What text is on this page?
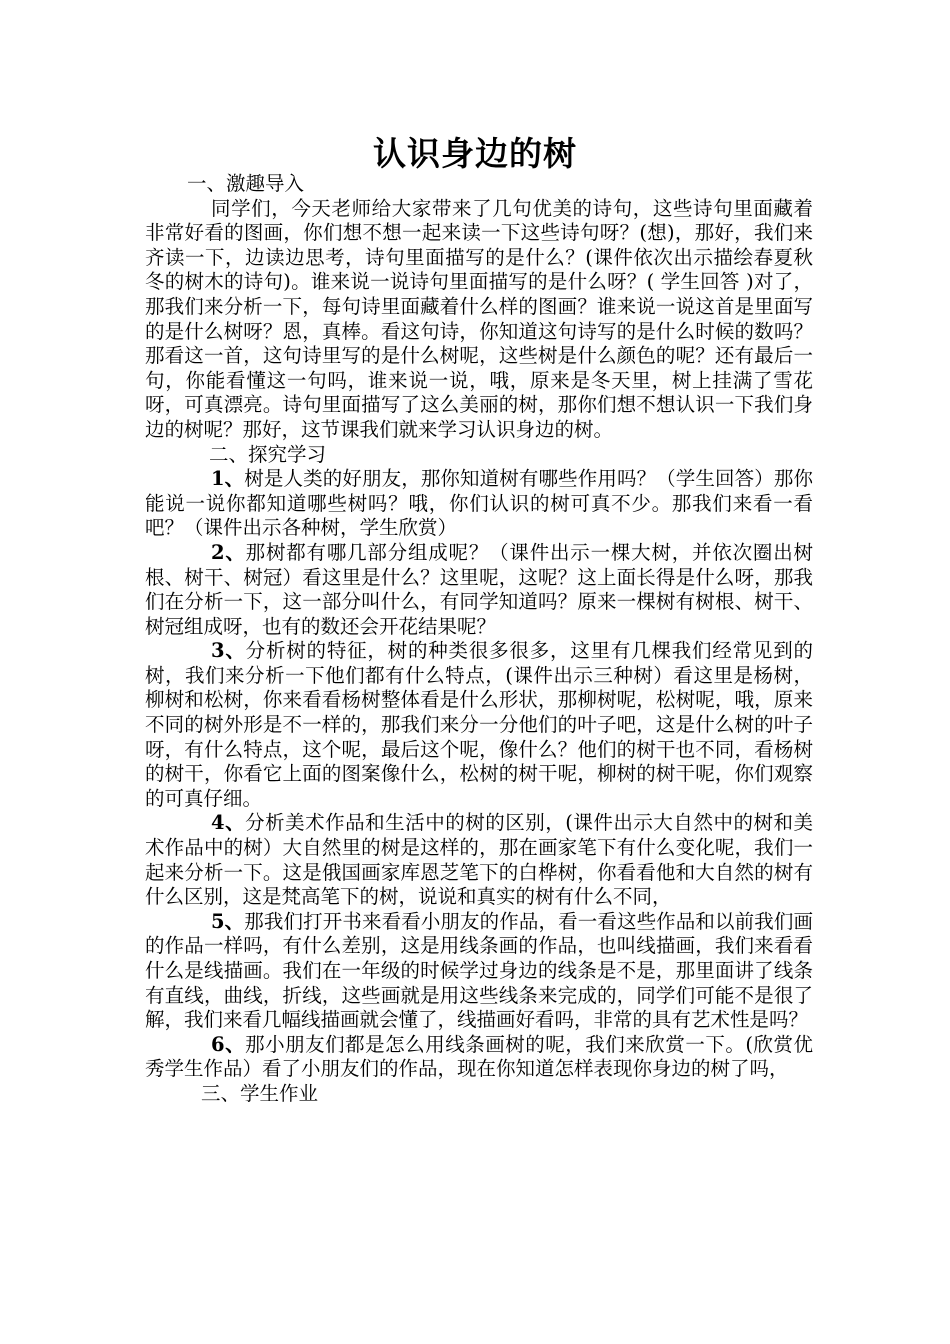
认识身边的树

一、激趣导入

同学们，今天老师给大家带来了几句优美的诗句，这些诗句里面藏着非常好看的图画，你们想不想一起来读一下这些诗句呀？(想)，那好，我们来齐读一下，边读边思考，诗句里面描写的是什么？(课件依次出示描绘春夏秋冬的树木的诗句)。谁来说一说诗句里面描写的是什么呀？( 学生回答 )对了，那我们来分析一下，每句诗里面藏着什么样的图画？谁来说一说这首是里面写的是什么树呀？恩，真棒。看这句诗，你知道这句诗写的是什么时候的数吗？那看这一首，这句诗里写的是什么树呢，这些树是什么颜色的呢？还有最后一句，你能看懂这一句吗，谁来说一说，哦，原来是冬天里，树上挂满了雪花呀，可真漂亮。诗句里面描写了这么美丽的树，那你们想不想认识一下我们身边的树呢？那好，这节课我们就来学习认识身边的树。

二、探究学习

1、树是人类的好朋友，那你知道树有哪些作用吗？（学生回答）那你能说一说你都知道哪些树吗？哦，你们认识的树可真不少。那我们来看一看吧？（课件出示各种树，学生欣赏）

2、那树都有哪几部分组成呢？（课件出示一棵大树，并依次圈出树根、树干、树冠）看这里是什么？这里呢，这呢？这上面长得是什么呀，那我们在分析一下，这一部分叫什么，有同学知道吗？原来一棵树有树根、树干、树冠组成呀，也有的数还会开花结果呢？

3、分析树的特征，树的种类很多很多，这里有几棵我们经常见到的树，我们来分析一下他们都有什么特点，(课件出示三种树）看这里是杨树，柳树和松树，你来看看杨树整体看是什么形状，那柳树呢，松树呢，哦，原来不同的树外形是不一样的，那我们来分一分他们的叶子吧，这是什么树的叶子呀，有什么特点，这个呢，最后这个呢，像什么？他们的树干也不同，看杨树的树干，你看它上面的图案像什么，松树的树干呢，柳树的树干呢，你们观察的可真仔细。

4、分析美术作品和生活中的树的区别，(课件出示大自然中的树和美术作品中的树）大自然里的树是这样的，那在画家笔下有什么变化呢，我们一起来分析一下。这是俄国画家库恩芝笔下的白桦树，你看看他和大自然的树有什么区别，这是梵高笔下的树，说说和真实的树有什么不同，

5、那我们打开书来看看小朋友的作品，看一看这些作品和以前我们画的作品一样吗，有什么差别，这是用线条画的作品，也叫线描画，我们来看看什么是线描画。我们在一年级的时候学过身边的线条是不是，那里面讲了线条有直线，曲线，折线，这些画就是用这些线条来完成的，同学们可能不是很了解，我们来看几幅线描画就会懂了，线描画好看吗，非常的具有艺术性是吗？

6、那小朋友们都是怎么用线条画树的呢，我们来欣赏一下。(欣赏优秀学生作品）看了小朋友们的作品，现在你知道怎样表现你身边的树了吗，

三、学生作业
